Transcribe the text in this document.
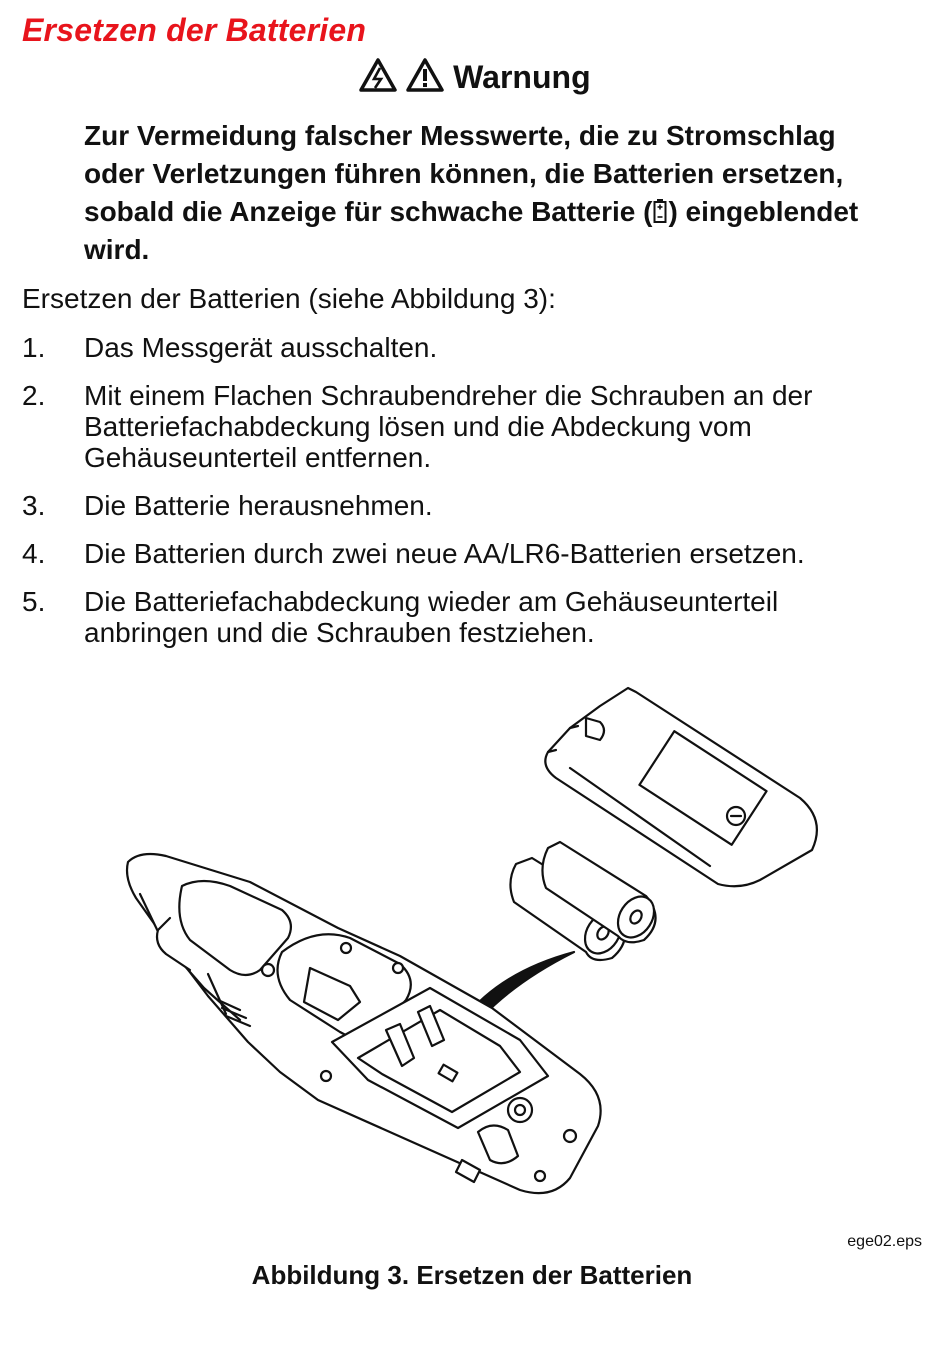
Ersetzen der Batterien
Warnung

Zur Vermeidung falscher Messwerte, die zu Stromschlag oder Verletzungen führen können, die Batterien ersetzen, sobald die Anzeige für schwache Batterie ( ) eingeblendet wird.

Ersetzen der Batterien (siehe Abbildung 3):

1. Das Messgerät ausschalten.
2. Mit einem Flachen Schraubendreher die Schrauben an der Batteriefachabdeckung lösen und die Abdeckung vom Gehäuseunterteil entfernen.
3. Die Batterie herausnehmen.
4. Die Batterien durch zwei neue AA/LR6-Batterien ersetzen.
5. Die Batteriefachabdeckung wieder am Gehäuseunterteil anbringen und die Schrauben festziehen.
ege02.eps
Abbildung 3. Ersetzen der Batterien
